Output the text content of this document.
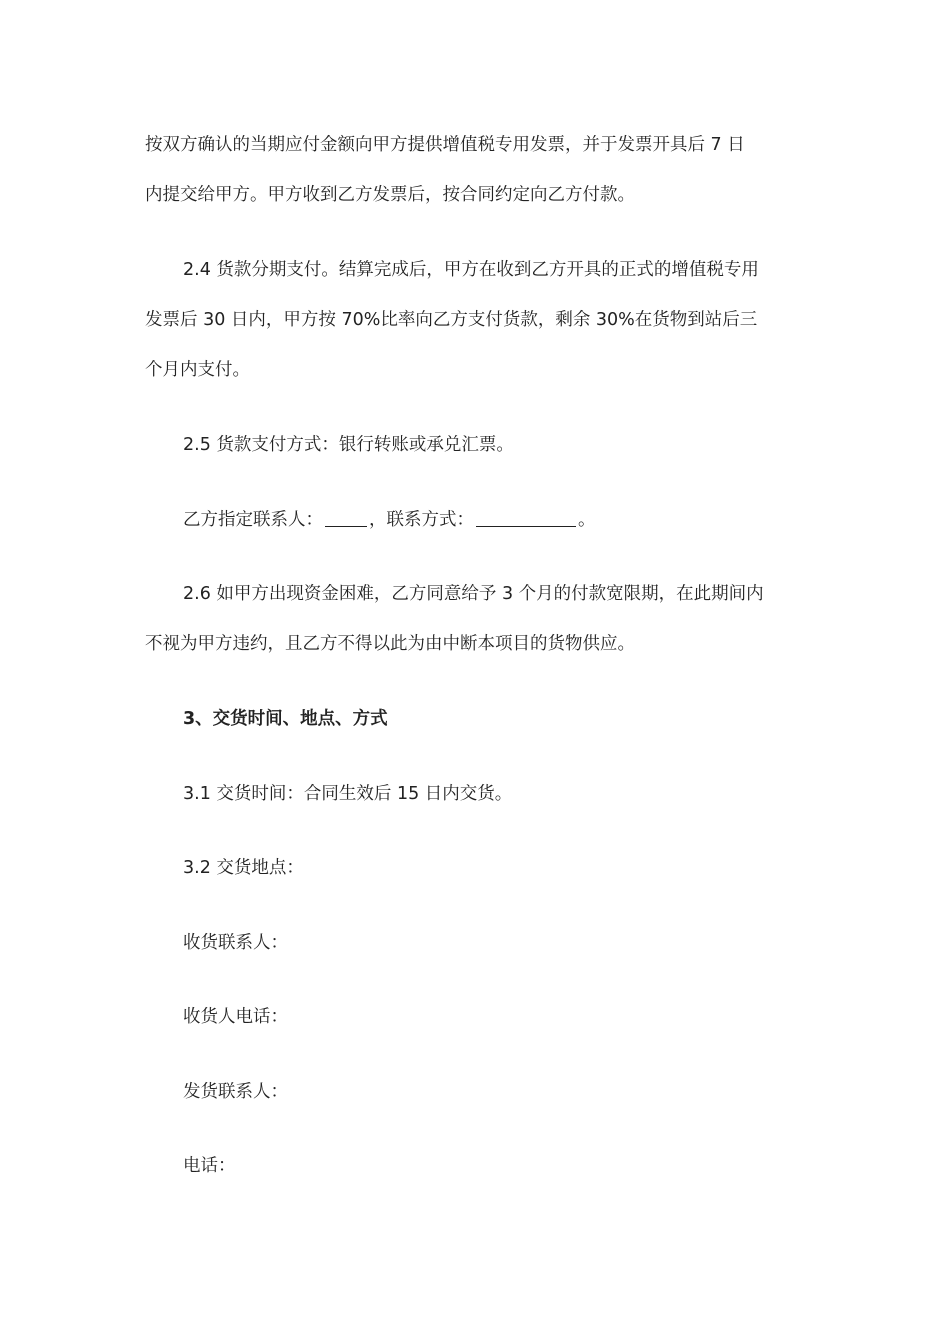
按双方确认的当期应付金额向甲方提供增值税专用发票，并于发票开具后 7 日
内提交给甲方。甲方收到乙方发票后，按合同约定向乙方付款。
2.4 货款分期支付。结算完成后，甲方在收到乙方开具的正式的增值税专用
发票后 30 日内，甲方按 70%比率向乙方支付货款，剩余 30%在货物到站后三
个月内支付。
2.5 货款支付方式：银行转账或承兑汇票。
乙方指定联系人：	，联系方式：	。
2.6 如甲方出现资金困难，乙方同意给予 3 个月的付款宽限期，在此期间内
不视为甲方违约，且乙方不得以此为由中断本项目的货物供应。
3、交货时间、地点、方式
3.1 交货时间：合同生效后 15 日内交货。
3.2 交货地点：
收货联系人：
收货人电话：
发货联系人：
电话：
